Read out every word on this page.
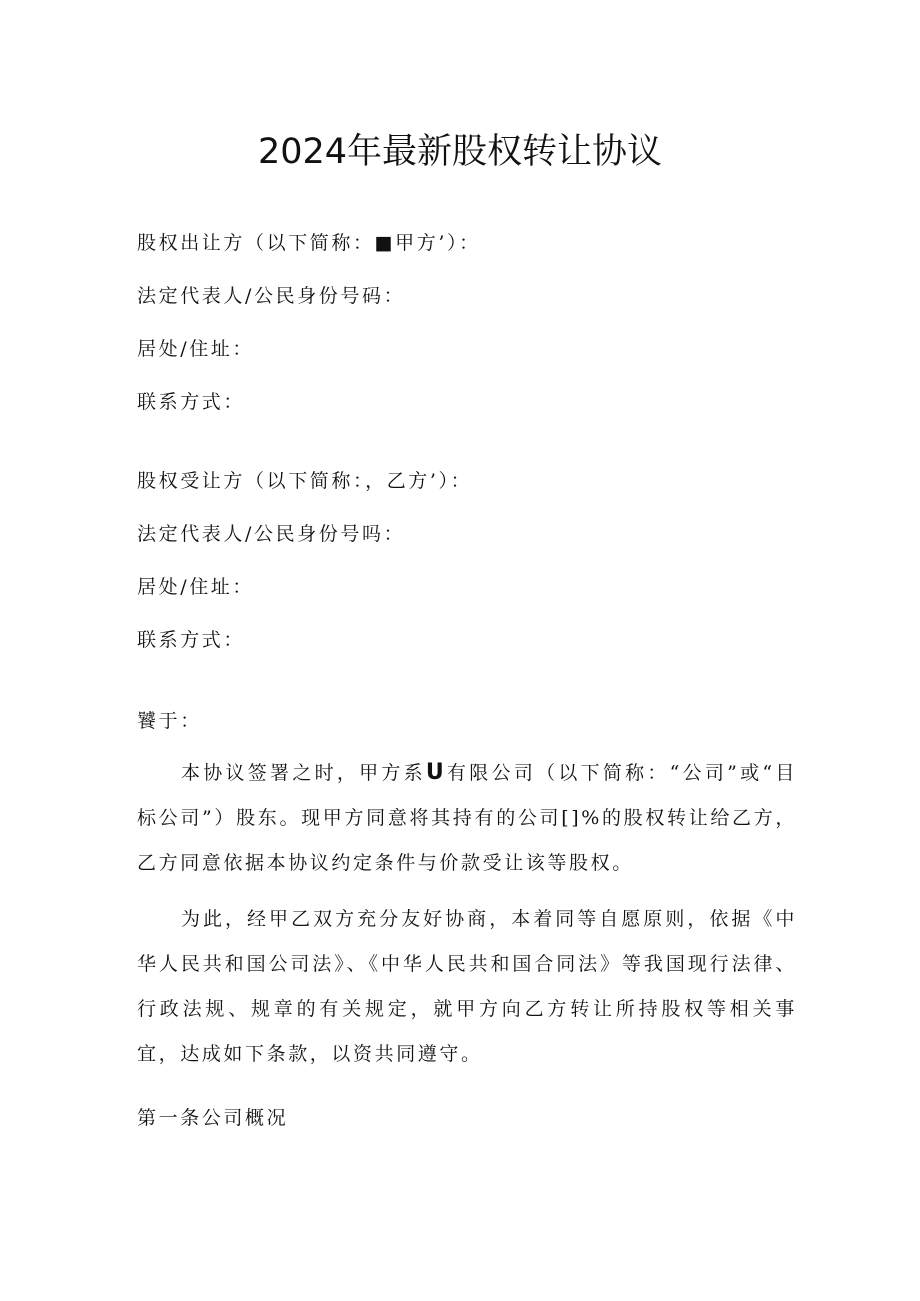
2024年最新股权转让协议

股权出让方（以下简称：■甲方’）：

法定代表人/公民身份号码：

居处/住址：

联系方式：

股权受让方（以下简称：，乙方’）：

法定代表人/公民身份号吗：

居处/住址：

联系方式：

饕于：

本协议签署之时，甲方系U有限公司（以下简称：“公司”或“目标公司”）股东。现甲方同意将其持有的公司[]%的股权转让给乙方，乙方同意依据本协议约定条件与价款受让该等股权。

为此，经甲乙双方充分友好协商，本着同等自愿原则，依据《中华人民共和国公司法》、《中华人民共和国合同法》等我国现行法律、行政法规、规章的有关规定，就甲方向乙方转让所持股权等相关事宜，达成如下条款，以资共同遵守。

第一条公司概况
